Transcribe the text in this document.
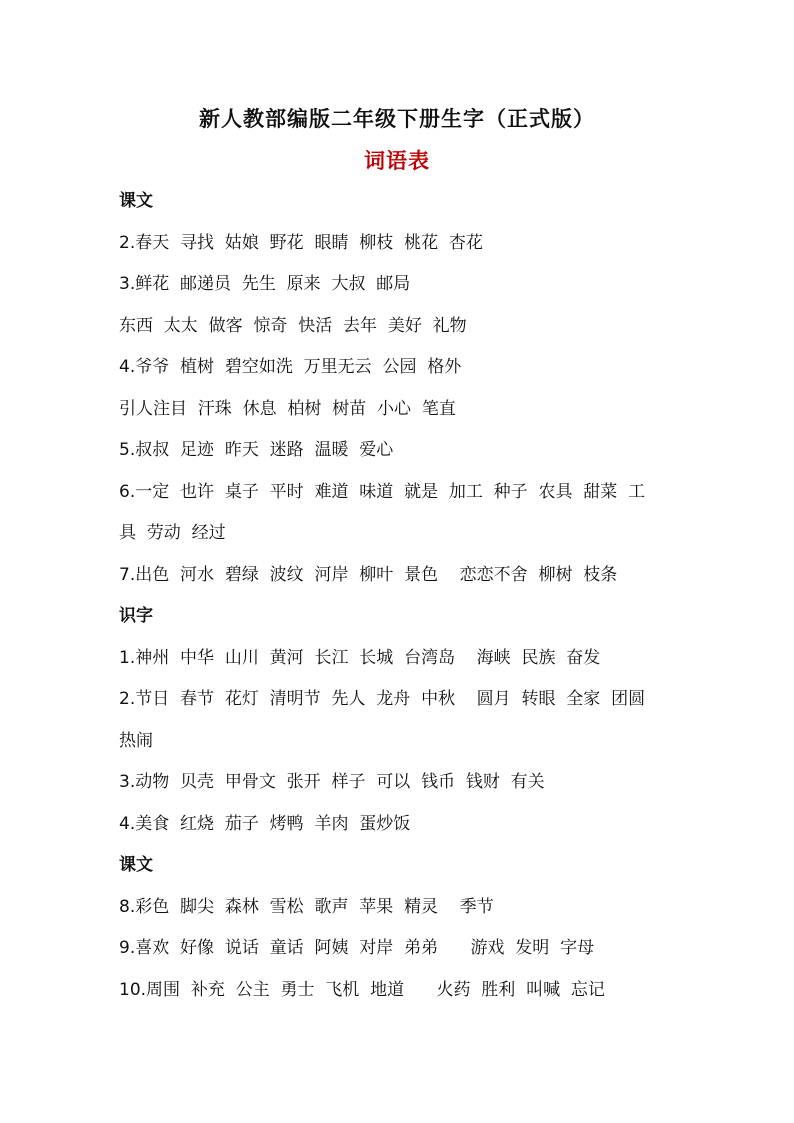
新人教部编版二年级下册生字（正式版）
词语表
课文
2.春天  寻找  姑娘  野花  眼睛  柳枝  桃花  杏花
3.鲜花  邮递员  先生  原来  大叔  邮局
东西  太太  做客  惊奇  快活  去年  美好  礼物
4.爷爷  植树  碧空如洗  万里无云  公园  格外
引人注目  汗珠  休息  柏树  树苗  小心  笔直
5.叔叔  足迹  昨天  迷路  温暖  爱心
6.一定  也许  桌子  平时  难道  味道  就是  加工  种子  农具  甜菜  工
具  劳动  经过
7.出色  河水  碧绿  波纹  河岸  柳叶  景色    恋恋不舍  柳树  枝条
识字
1.神州  中华  山川  黄河  长江  长城  台湾岛    海峡  民族  奋发
2.节日  春节  花灯  清明节  先人  龙舟  中秋    圆月  转眼  全家  团圆
热闹
3.动物  贝壳  甲骨文  张开  样子  可以  钱币  钱财  有关
4.美食  红烧  茄子  烤鸭  羊肉  蛋炒饭
课文
8.彩色  脚尖  森林  雪松  歌声  苹果  精灵    季节
9.喜欢  好像  说话  童话  阿姨  对岸  弟弟      游戏  发明  字母
10.周围  补充  公主  勇士  飞机  地道      火药  胜利  叫喊  忘记
